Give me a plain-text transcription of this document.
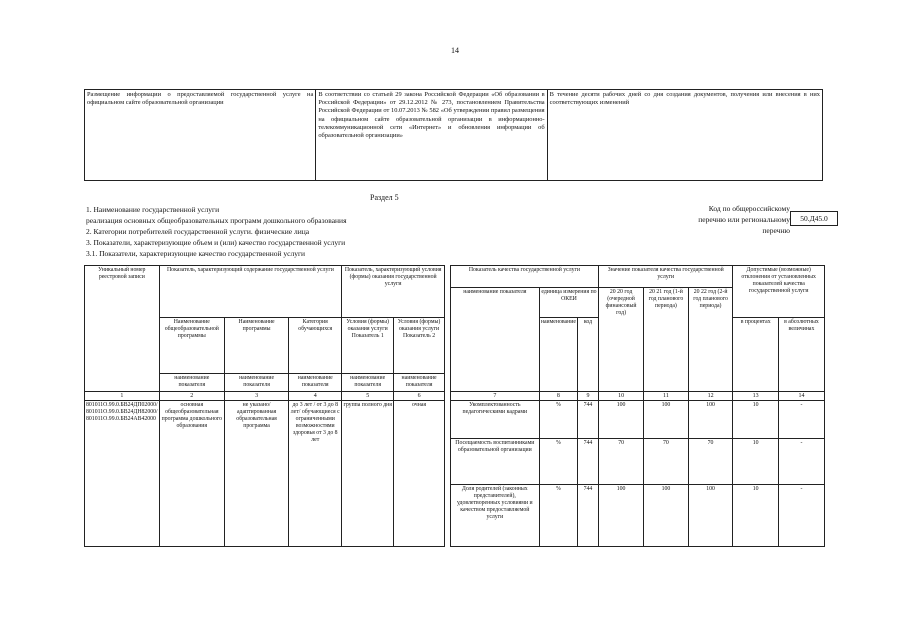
14
Размещение информации о предоставляемой государственной услуге на официальном сайте образовательной организации	В соответствии со статьей 29 закона Российской Федерации «Об образовании в Российской Федерации» от 29.12.2012 № 273, постановлением Правительства Российской Федерации от 10.07.2013 № 582 «Об утверждении правил размещения на официальном сайте образовательной организации в информационно-телекоммуникационной сети «Интернет» и обновления информации об образовательной организации»	В течение десяти рабочих дней со дня создания документов, получения или внесения в них соответствующих изменений
Раздел 5
1. Наименование государственной услуги
реализация основных общеобразовательных программ дошкольного образования
2. Категории потребителей государственной услуги. физические лица
3. Показатели, характеризующие объем и (или) качество государственной услуги
3.1. Показатели, характеризующие качество государственной услуги
Код по общероссийскому перечню или региональному перечню
50.Д45.0
Уникальный номер реестровой записи	Показатель, характеризующий содержание государственной услуги			Показатель, характеризующий условия (формы) оказания государственной услуги			Показатель качества государственной услуги			Значение показателя качества государственной услуги			Допустимые (возможные) отклонения от установленных показателей качества государственной услуги	
							наименование показателя	единица измерения по ОКЕИ		20 20 год (очередной финансовый год)	20 21 год (1-й год планового периода)	20 22 год (2-й год планового периода)		
	Наименование общеобразовательной программы	Наименование программы	Категория обучающихся	Условия (формы) оказания услуги Показатель 1	Условия (формы) оказания услуги Показатель 2			наименование	код				в процентах	в абсолютных величинах
	наименование показателя	наименование показателя	наименование показателя	наименование показателя	наименование показателя									
1	2	3	4	5	6		7	8	9	10	11	12	13	14
801011О.99.0.БВ24ДП02000/ 801011О.99.0.БВ24ДН82000/ 801011О.99.0.БВ24АВ42000	основная общеобразовательная программа дошкольного образования	не указано/ адаптированная образовательная программа	до 3 лет / от 3 до 8 лет/ обучающиеся с ограниченными возможностями здоровья от 3 до 8 лет	группа полного дня	очная		Укомплектованность педагогическими кадрами	%	744	100	100	100	10	-
							Посещаемость воспитанниками образовательной организации	%	744	70	70	70	10	-
							Доля родителей (законных представителей), удовлетворенных условиями и качеством предоставляемой услуги	%	744	100	100	100	10	-
